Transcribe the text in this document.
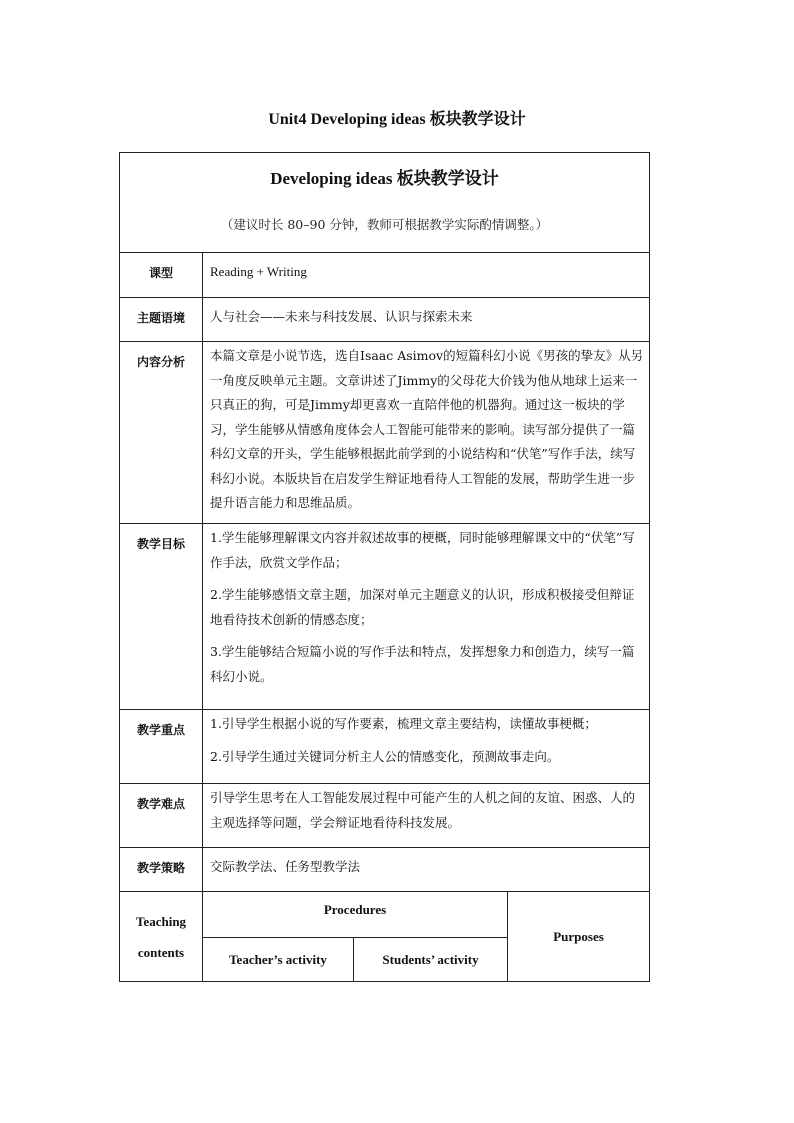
Unit4 Developing ideas 板块教学设计
Developing ideas 板块教学设计
（建议时长 80–90 分钟，教师可根据教学实际酌情调整。）			

课型	Reading + Writing		
主题语境	人与社会——未来与科技发展、认识与探索未来		
内容分析	本篇文章是小说节选，选自Isaac Asimov的短篇科幻小说《男孩的挚友》从另一角度反映单元主题。文章讲述了Jimmy的父母花大价钱为他从地球上运来一只真正的狗，可是Jimmy却更喜欢一直陪伴他的机器狗。通过这一板块的学习，学生能够从情感角度体会人工智能可能带来的影响。读写部分提供了一篇科幻文章的开头，学生能够根据此前学到的小说结构和“伏笔”写作手法，续写科幻小说。本版块旨在启发学生辩证地看待人工智能的发展，帮助学生进一步提升语言能力和思维品质。		
教学目标	1.学生能够理解课文内容并叙述故事的梗概，同时能够理解课文中的“伏笔”写作手法，欣赏文学作品；

2.学生能够感悟文章主题，加深对单元主题意义的认识，形成积极接受但辩证地看待技术创新的情感态度；

3.学生能够结合短篇小说的写作手法和特点，发挥想象力和创造力，续写一篇科幻小说。		

教学重点	1.引导学生根据小说的写作要素，梳理文章主要结构，读懂故事梗概；

2.引导学生通过关键词分析主人公的情感变化，预测故事走向。		

教学难点	引导学生思考在人工智能发展过程中可能产生的人机之间的友谊、困惑、人的主观选择等问题，学会辩证地看待科技发展。		
教学策略	交际教学法、任务型教学法		

Teaching
contents	Procedures		Purposes
	Teacher’s activity	Students’ activity	
